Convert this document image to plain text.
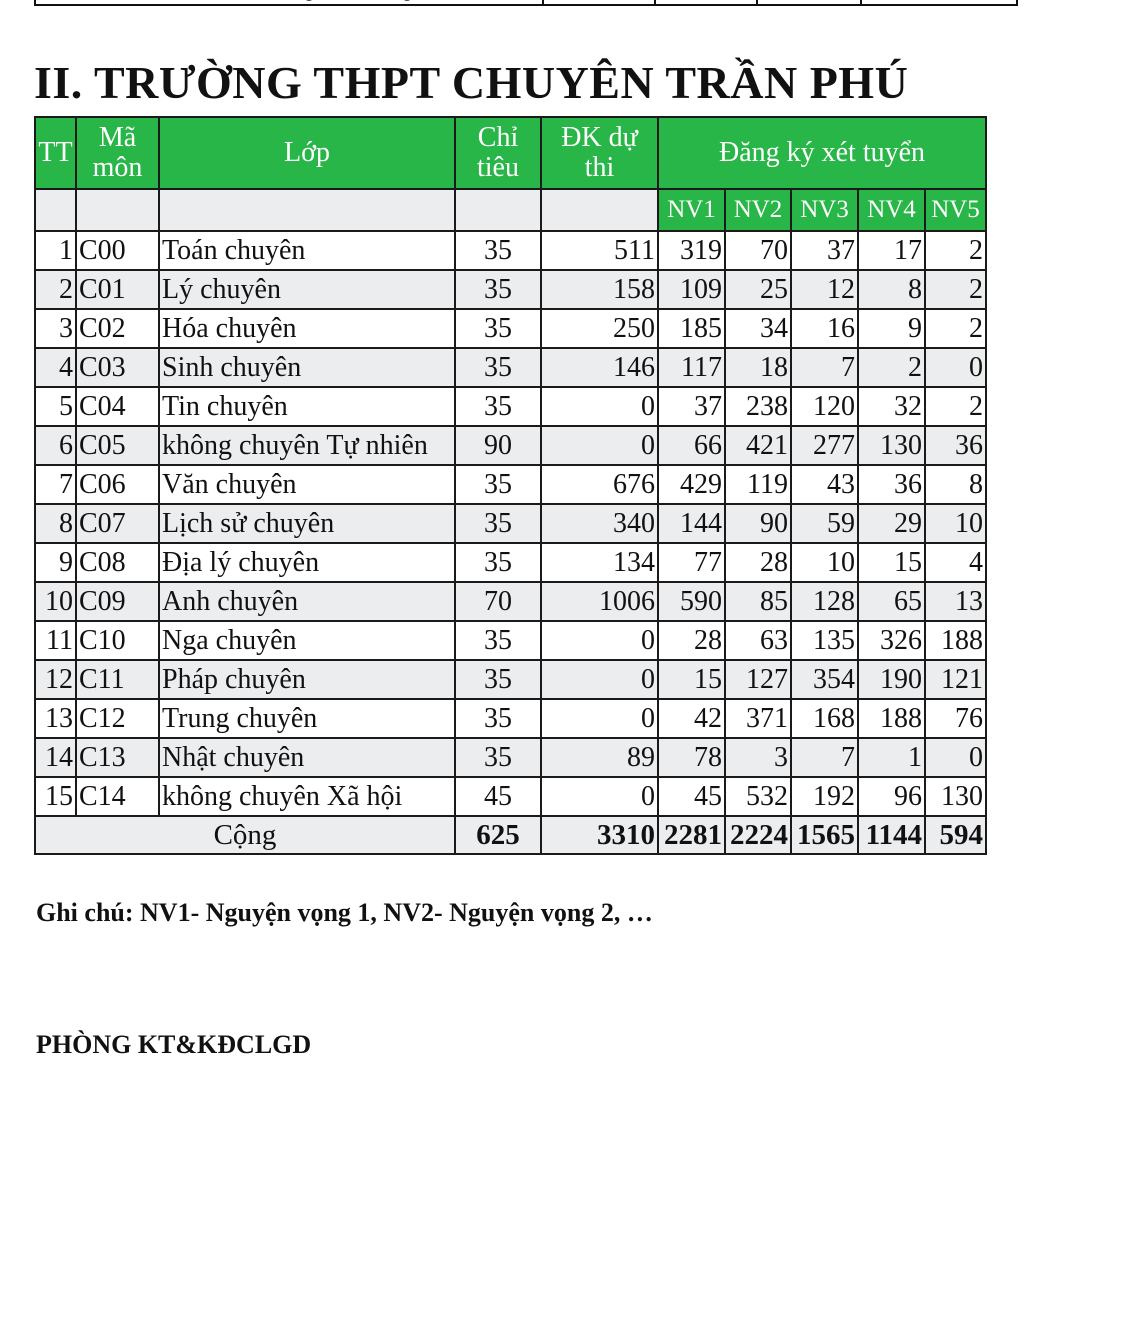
II. TRƯỜNG THPT CHUYÊN TRẦN PHÚ
TT	Mã môn	Lớp	Chỉ tiêu	ĐK dự thi	Đăng ký xét tuyển				
					NV1	NV2	NV3	NV4	NV5
1	C00	Toán chuyên	35	511	319	70	37	17	2
2	C01	Lý chuyên	35	158	109	25	12	8	2
3	C02	Hóa chuyên	35	250	185	34	16	9	2
4	C03	Sinh chuyên	35	146	117	18	7	2	0
5	C04	Tin chuyên	35	0	37	238	120	32	2
6	C05	không chuyên Tự nhiên	90	0	66	421	277	130	36
7	C06	Văn chuyên	35	676	429	119	43	36	8
8	C07	Lịch sử chuyên	35	340	144	90	59	29	10
9	C08	Địa lý chuyên	35	134	77	28	10	15	4
10	C09	Anh chuyên	70	1006	590	85	128	65	13
11	C10	Nga chuyên	35	0	28	63	135	326	188
12	C11	Pháp chuyên	35	0	15	127	354	190	121
13	C12	Trung chuyên	35	0	42	371	168	188	76
14	C13	Nhật chuyên	35	89	78	3	7	1	0
15	C14	không chuyên Xã hội	45	0	45	532	192	96	130
Cộng			625	3310	2281	2224	1565	1144	594

Ghi chú: NV1- Nguyện vọng 1, NV2- Nguyện vọng 2, …

PHÒNG KT&KĐCLGD
